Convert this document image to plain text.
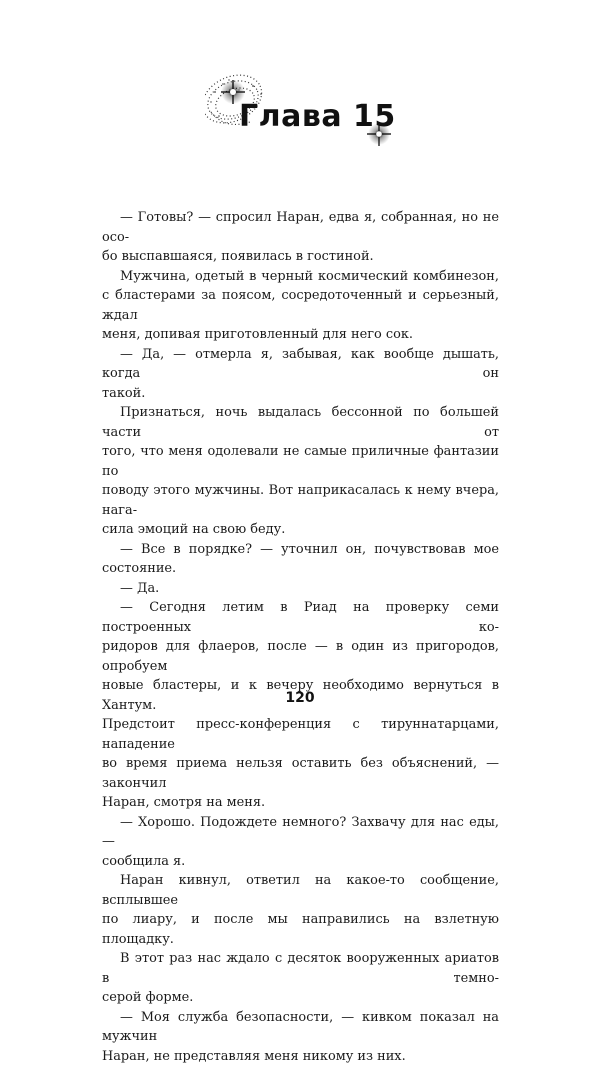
Глава 15

— Готовы? — спросил Наран, едва я, собранная, но не осо-

бо выспавшаяся, появилась в гостиной.

Мужчина, одетый в черный космический комбинезон,

с бластерами за поясом, сосредоточенный и серьезный, ждал

меня, допивая приготовленный для него сок.

— Да, — отмерла я, забывая, как вообще дышать, когда он

такой.

Признаться, ночь выдалась бессонной по большей части от

того, что меня одолевали не самые приличные фантазии по

поводу этого мужчины. Вот наприкасалась к нему вчера, нага-

сила эмоций на свою беду.

— Все в порядке? — уточнил он, почувствовав мое состояние.

— Да.

— Сегодня летим в Риад на проверку семи построенных ко-

ридоров для флаеров, после — в один из пригородов, опробуем

новые бластеры, и к вечеру необходимо вернуться в Хантум.

Предстоит пресс-конференция с тирyннатарцами, нападение

во время приема нельзя оставить без объяснений, — закончил

Наран, смотря на меня.

— Хорошо. Подождете немного? Захвачу для нас еды, —

сообщила я.

Наран кивнул, ответил на какое-то сообщение, всплывшее

по лиару, и после мы направились на взлетную площадку.

В этот раз нас ждало с десяток вооруженных ариатов в темно-

серой форме.

— Моя служба безопасности, — кивком показал на мужчин

Наран, не представляя меня никому из них.

120
